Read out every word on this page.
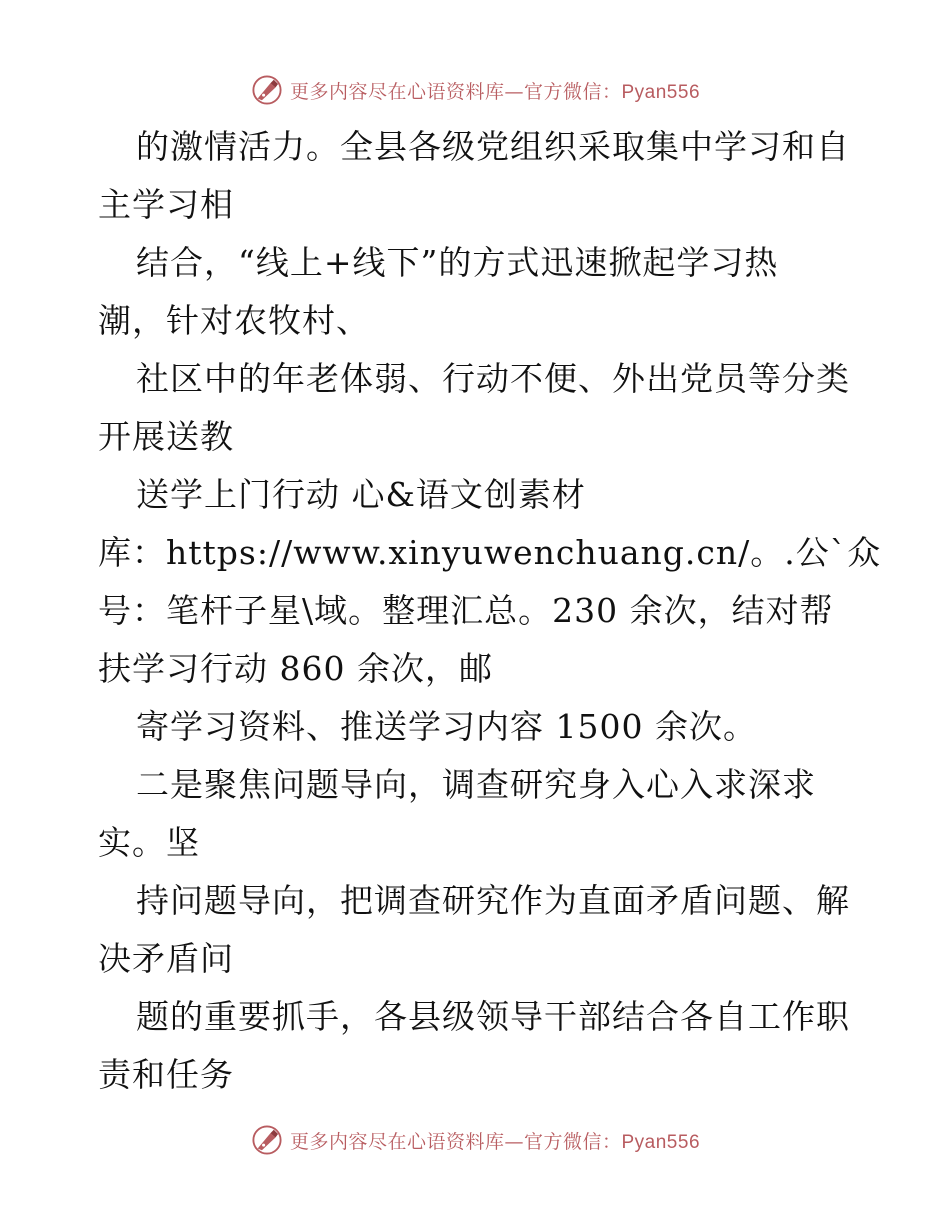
更多内容尽在心语资料库—官方微信：Pyan556
的激情活力。全县各级党组织采取集中学习和自
主学习相
结合，“线上+线下”的方式迅速掀起学习热
潮，针对农牧村、
社区中的年老体弱、行动不便、外出党员等分类
开展送教
送学上门行动 心&语文创素材
库：https://www.xinyuwenchuang.cn/。.公`众
号：笔杆子星\域。整理汇总。230 余次，结对帮
扶学习行动 860 余次，邮
寄学习资料、推送学习内容 1500 余次。
二是聚焦问题导向，调查研究身入心入求深求
实。坚
持问题导向，把调查研究作为直面矛盾问题、解
决矛盾问
题的重要抓手，各县级领导干部结合各自工作职
责和任务
更多内容尽在心语资料库—官方微信：Pyan556
